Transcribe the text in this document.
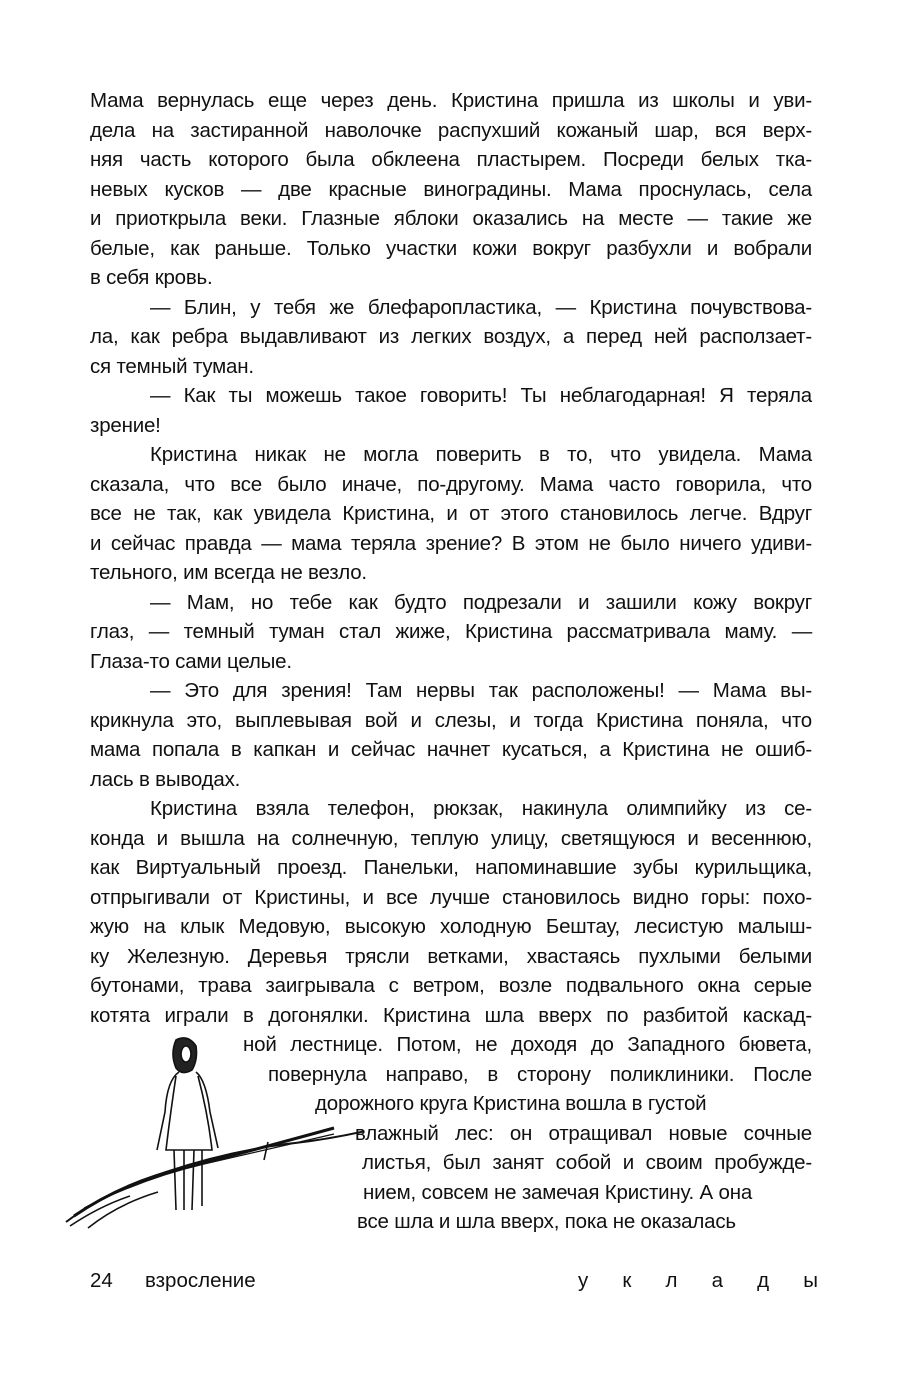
Мама вернулась еще через день. Кристина пришла из школы и уви-
дела на застиранной наволочке распухший кожаный шар, вся верх-
няя часть которого была обклеена пластырем. Посреди белых тка-
невых кусков — две красные виноградины. Мама проснулась, села
и приоткрыла веки. Глазные яблоки оказались на месте — такие же
белые, как раньше. Только участки кожи вокруг разбухли и вобрали
в себя кровь.
— Блин, у тебя же блефаропластика, — Кристина почувствова-
ла, как ребра выдавливают из легких воздух, а перед ней расползает-
ся темный туман.
— Как ты можешь такое говорить! Ты неблагодарная! Я теряла
зрение!
Кристина никак не могла поверить в то, что увидела. Мама
сказала, что все было иначе, по-другому. Мама часто говорила, что
все не так, как увидела Кристина, и от этого становилось легче. Вдруг
и сейчас правда — мама теряла зрение? В этом не было ничего удиви-
тельного, им всегда не везло.
— Мам, но тебе как будто подрезали и зашили кожу вокруг
глаз, — темный туман стал жиже, Кристина рассматривала маму. —
Глаза-то сами целые.
— Это для зрения! Там нервы так расположены! — Мама вы-
крикнула это, выплевывая вой и слезы, и тогда Кристина поняла, что
мама попала в капкан и сейчас начнет кусаться, а Кристина не ошиб-
лась в выводах.
Кристина взяла телефон, рюкзак, накинула олимпийку из се-
конда и вышла на солнечную, теплую улицу, светящуюся и весеннюю,
как Виртуальный проезд. Панельки, напоминавшие зубы курильщика,
отпрыгивали от Кристины, и все лучше становилось видно горы: похо-
жую на клык Медовую, высокую холодную Бештау, лесистую малыш-
ку Железную. Деревья трясли ветками, хвастаясь пухлыми белыми
бутонами, трава заигрывала с ветром, возле подвального окна серые
котята играли в догонялки. Кристина шла вверх по разбитой каскад-
ной лестнице. Потом, не доходя до Западного бювета,
повернула направо, в сторону поликлиники. После
дорожного круга Кристина вошла в густой
влажный лес: он отращивал новые сочные
листья, был занят собой и своим пробужде-
нием, совсем не замечая Кристину. А она
все шла и шла вверх, пока не оказалась
24 взросление	у к л а д ы
